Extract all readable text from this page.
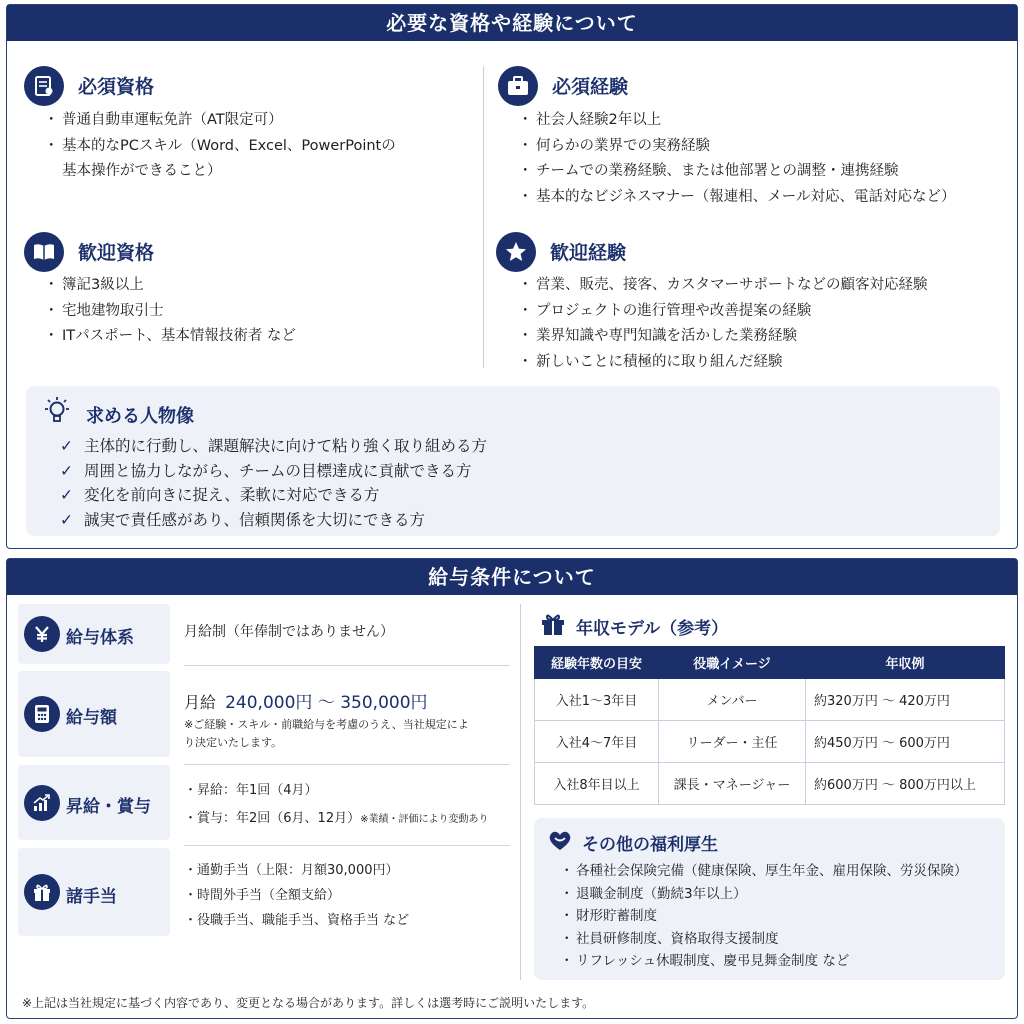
必要な資格や経験について
必須資格
・ 普通自動車運転免許（AT限定可）
・ 基本的なPCスキル（Word、Excel、PowerPointの
基本操作ができること）
必須経験
・ 社会人経験2年以上
・ 何らかの業界での実務経験
・ チームでの業務経験、または他部署との調整・連携経験
・ 基本的なビジネスマナー（報連相、メール対応、電話対応など）
歓迎資格
・ 簿記3級以上
・ 宅地建物取引士
・ ITパスポート、基本情報技術者 など
歓迎経験
・ 営業、販売、接客、カスタマーサポートなどの顧客対応経験
・ プロジェクトの進行管理や改善提案の経験
・ 業界知識や専門知識を活かした業務経験
・ 新しいことに積極的に取り組んだ経験
求める人物像
✓ 主体的に行動し、課題解決に向けて粘り強く取り組める方
✓ 周囲と協力しながら、チームの目標達成に貢献できる方
✓ 変化を前向きに捉え、柔軟に対応できる方
✓ 誠実で責任感があり、信頼関係を大切にできる方
給与条件について
給与体系	月給制（年俸制ではありません）
給与額
月給 240,000円 〜 350,000円
※ご経験・スキル・前職給与を考慮のうえ、当社規定によ
り決定いたします。
昇給・賞与
・昇給：年1回（4月）
・賞与：年2回（6月、12月）※業績・評価により変動あり
諸手当
・通勤手当（上限：月額30,000円）
・時間外手当（全額支給）
・役職手当、職能手当、資格手当 など
年収モデル（参考）
経験年数の目安	役職イメージ	年収例
入社1〜3年目	メンバー	約320万円 〜 420万円
入社4〜7年目	リーダー・主任	約450万円 〜 600万円
入社8年目以上	課長・マネージャー	約600万円 〜 800万円以上
その他の福利厚生
・ 各種社会保険完備（健康保険、厚生年金、雇用保険、労災保険）
・ 退職金制度（勤続3年以上）
・ 財形貯蓄制度
・ 社員研修制度、資格取得支援制度
・ リフレッシュ休暇制度、慶弔見舞金制度 など
※上記は当社規定に基づく内容であり、変更となる場合があります。詳しくは選考時にご説明いたします。
